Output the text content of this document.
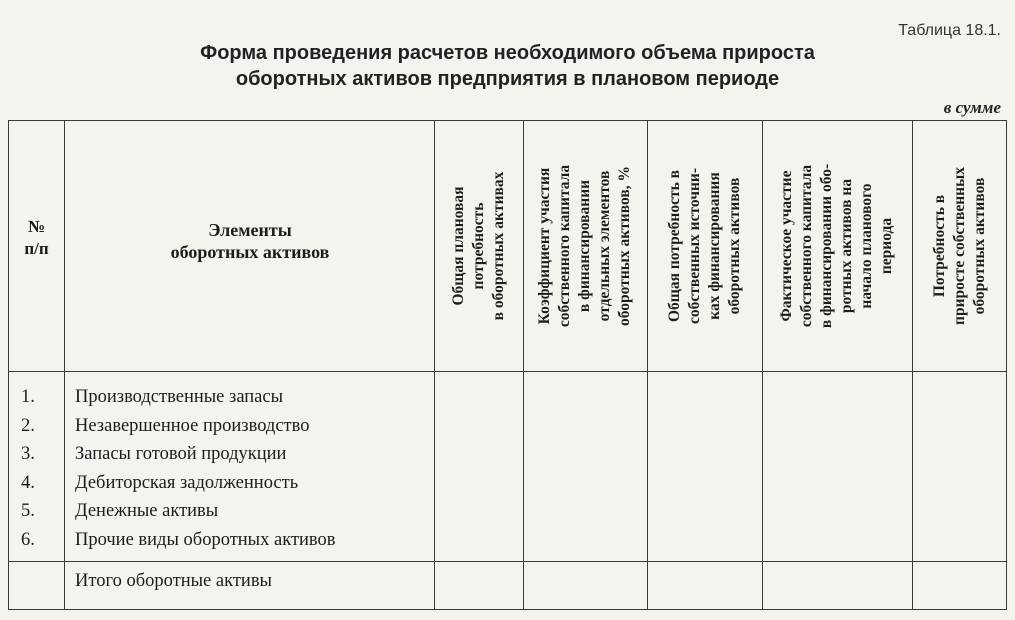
Таблица 18.1.
Форма проведения расчетов необходимого объема прироста
оборотных активов предприятия в плановом периоде
в сумме
№
п/п
Элементы
оборотных активов
Общая плановая
потребность
в оборотных активах
Коэффициент участия
собственного капитала
в финансировании
отдельных элементов
оборотных активов, %
Общая потребность в
собственных источни-
ках финансирования
оборотных активов
Фактическое участие
собственного капитала
в финансировании обо-
ротных активов на
начало планового
периода Потребность в
приросте собственных
оборотных активов
1. Производственные запасы
2. Незавершенное производство
3. Запасы готовой продукции
4. Дебиторская задолженность
5. Денежные активы
6. Прочие виды оборотных активов
Итого оборотные активы
